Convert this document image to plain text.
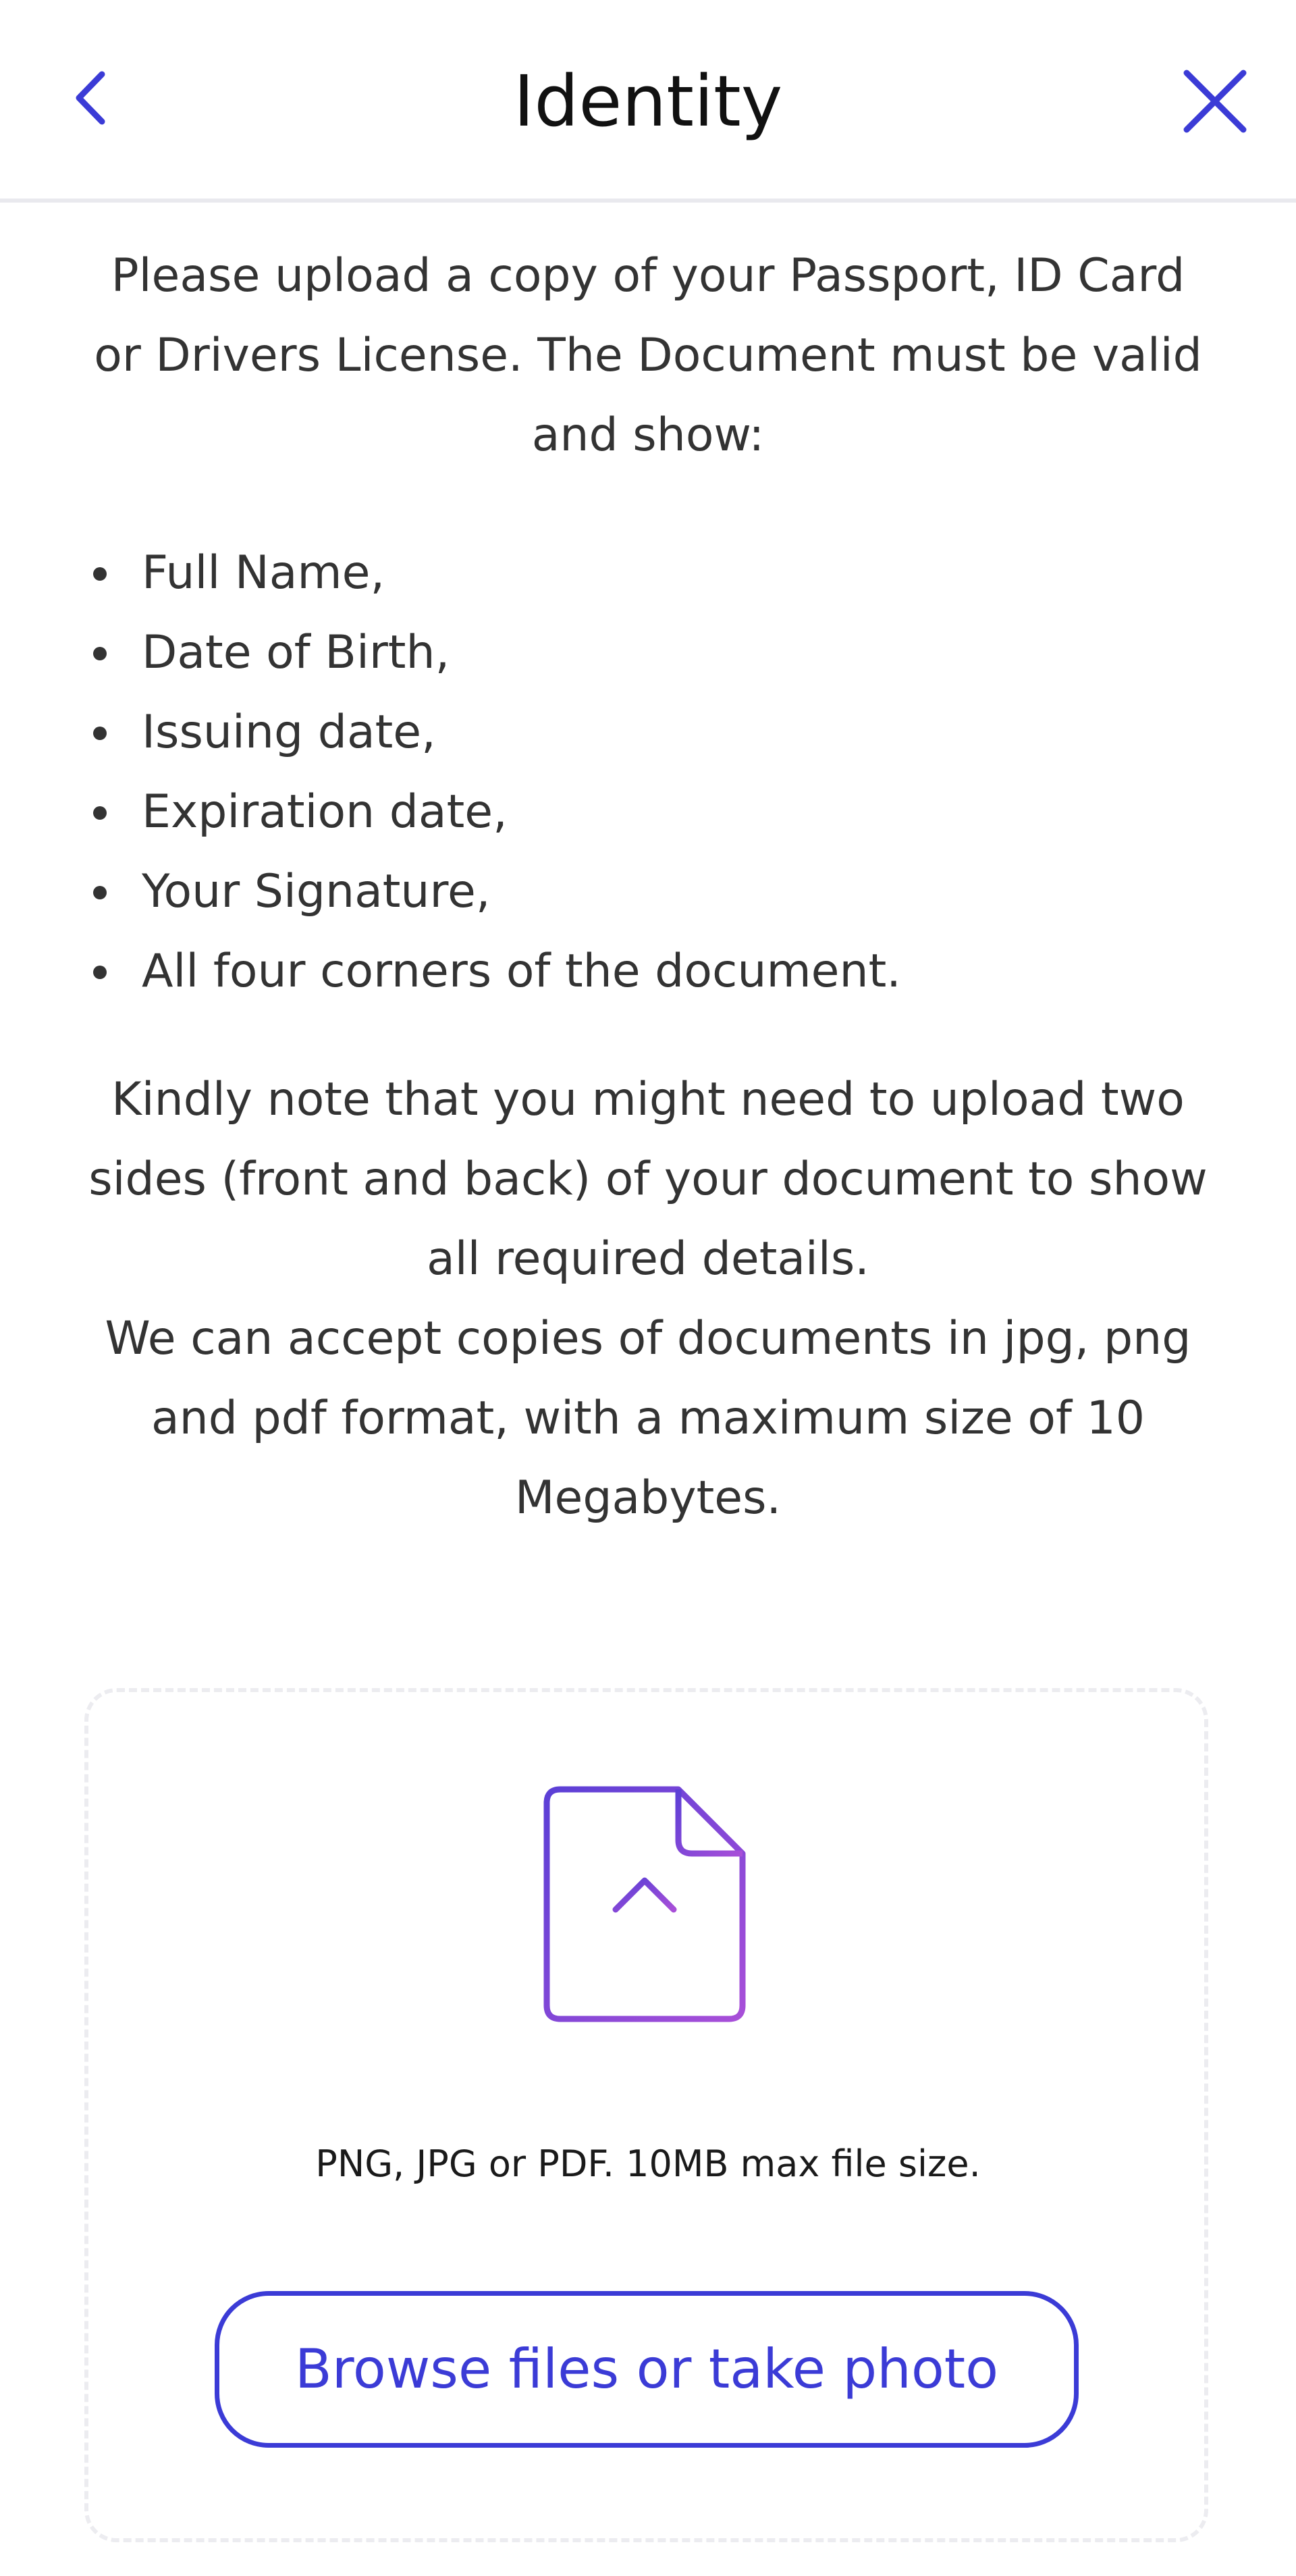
Identity
Please upload a copy of your Passport, ID Card or Drivers License. The Document must be valid and show:
Full Name,
Date of Birth,
Issuing date,
Expiration date,
Your Signature,
All four corners of the document.
Kindly note that you might need to upload two sides (front and back) of your document to show all required details.
We can accept copies of documents in jpg, png and pdf format, with a maximum size of 10 Megabytes.
PNG, JPG or PDF. 10MB max file size.
Browse files or take photo
